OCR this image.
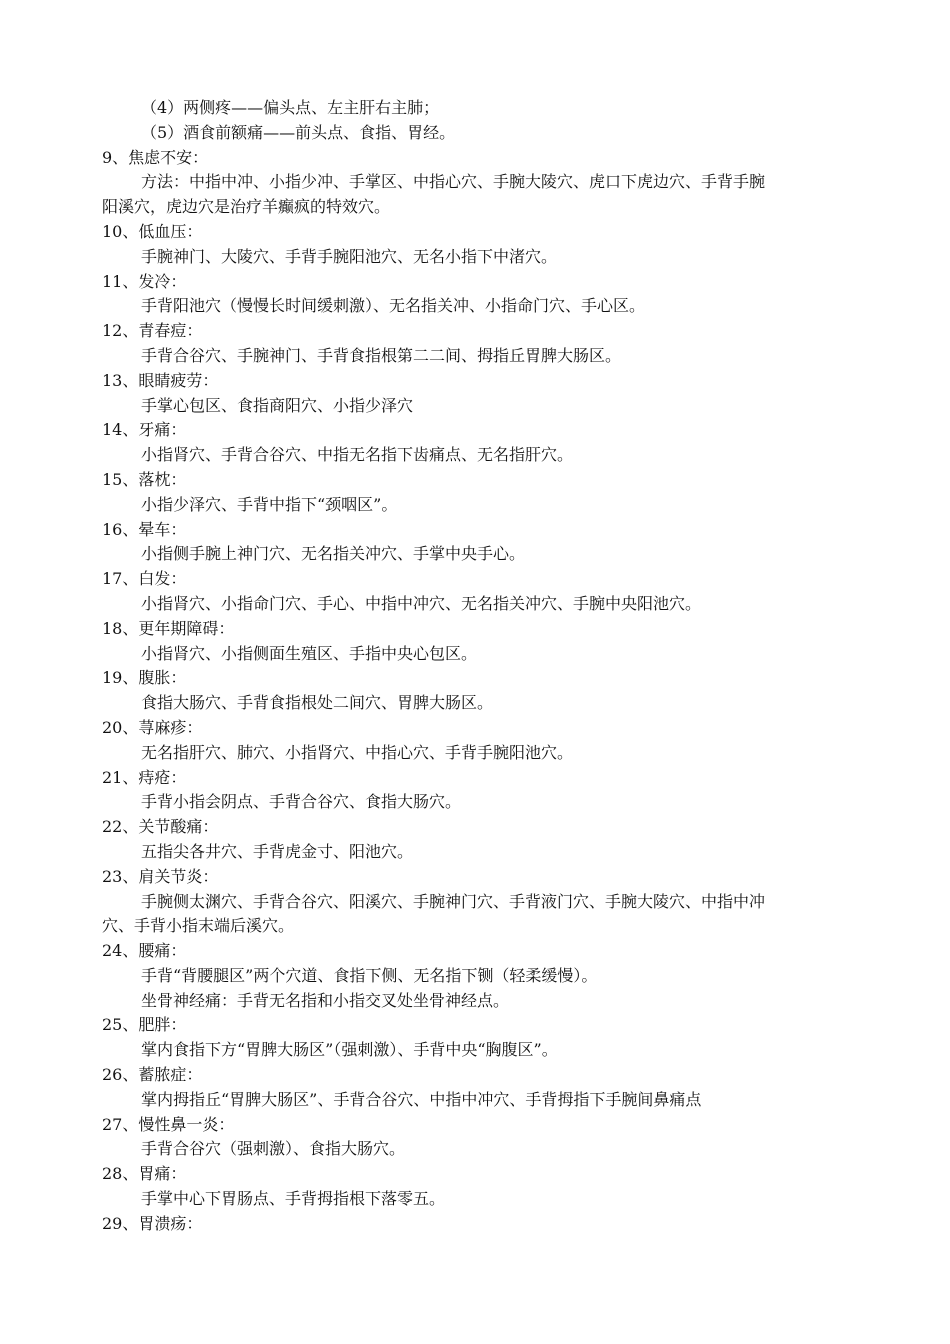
（4）两侧疼——偏头点、左主肝右主肺；
（5）酒食前额痛——前头点、食指、胃经。
9、焦虑不安：
方法：中指中冲、小指少冲、手掌区、中指心穴、手腕大陵穴、虎口下虎边穴、手背手腕
阳溪穴，虎边穴是治疗羊癫疯的特效穴。
10、低血压：
手腕神门、大陵穴、手背手腕阳池穴、无名小指下中渚穴。
11、发冷：
手背阳池穴（慢慢长时间缓刺激）、无名指关冲、小指命门穴、手心区。
12、青春痘：
手背合谷穴、手腕神门、手背食指根第二二间、拇指丘胃脾大肠区。
13、眼睛疲劳：
手掌心包区、食指商阳穴、小指少泽穴
14、牙痛：
小指肾穴、手背合谷穴、中指无名指下齿痛点、无名指肝穴。
15、落枕：
小指少泽穴、手背中指下“颈咽区”。
16、晕车：
小指侧手腕上神门穴、无名指关冲穴、手掌中央手心。
17、白发：
小指肾穴、小指命门穴、手心、中指中冲穴、无名指关冲穴、手腕中央阳池穴。
18、更年期障碍：
小指肾穴、小指侧面生殖区、手指中央心包区。
19、腹胀：
食指大肠穴、手背食指根处二间穴、胃脾大肠区。
20、荨麻疹：
无名指肝穴、肺穴、小指肾穴、中指心穴、手背手腕阳池穴。
21、痔疮：
手背小指会阴点、手背合谷穴、食指大肠穴。
22、关节酸痛：
五指尖各井穴、手背虎金寸、阳池穴。
23、肩关节炎：
手腕侧太渊穴、手背合谷穴、阳溪穴、手腕神门穴、手背液门穴、手腕大陵穴、中指中冲
穴、手背小指末端后溪穴。
24、腰痛：
手背“背腰腿区”两个穴道、食指下侧、无名指下铡（轻柔缓慢）。
坐骨神经痛：手背无名指和小指交叉处坐骨神经点。
25、肥胖：
掌内食指下方“胃脾大肠区”（强刺激）、手背中央“胸腹区”。
26、蓄脓症：
掌内拇指丘“胃脾大肠区”、手背合谷穴、中指中冲穴、手背拇指下手腕间鼻痛点
27、慢性鼻一炎：
手背合谷穴（强刺激）、食指大肠穴。
28、胃痛：
手掌中心下胃肠点、手背拇指根下落零五。
29、胃溃疡：
